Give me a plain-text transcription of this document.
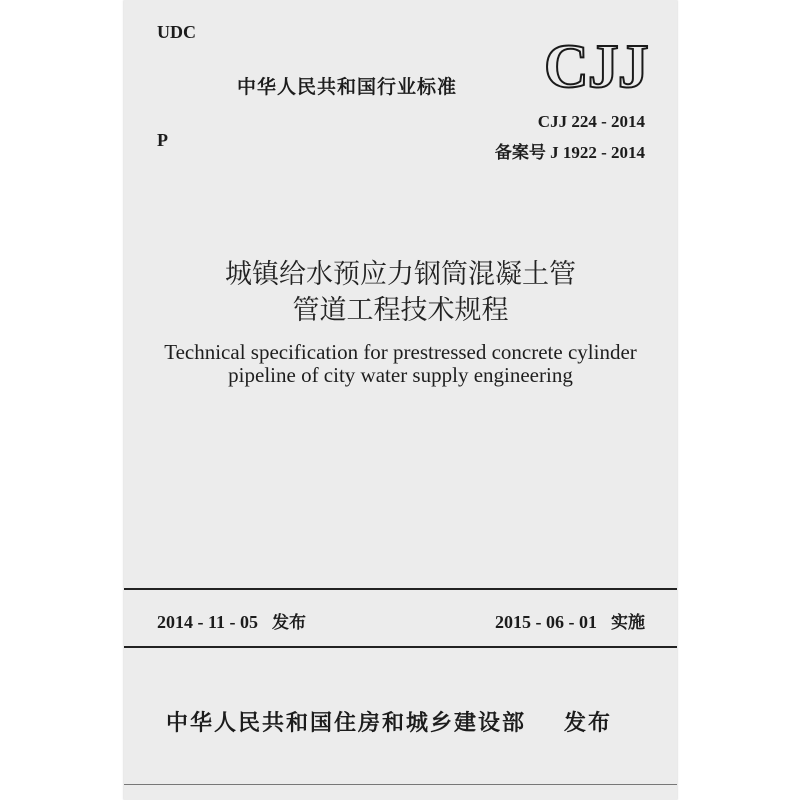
UDC
中华人民共和国行业标准 CJJ
P
CJJ 224 - 2014
备案号 J 1922 - 2014
城镇给水预应力钢筒混凝土管
管道工程技术规程
Technical specification for prestressed concrete cylinder
pipeline of city water supply engineering
2014 - 11 - 05 发布	2015 - 06 - 01 实施
中华人民共和国住房和城乡建设部 发布
